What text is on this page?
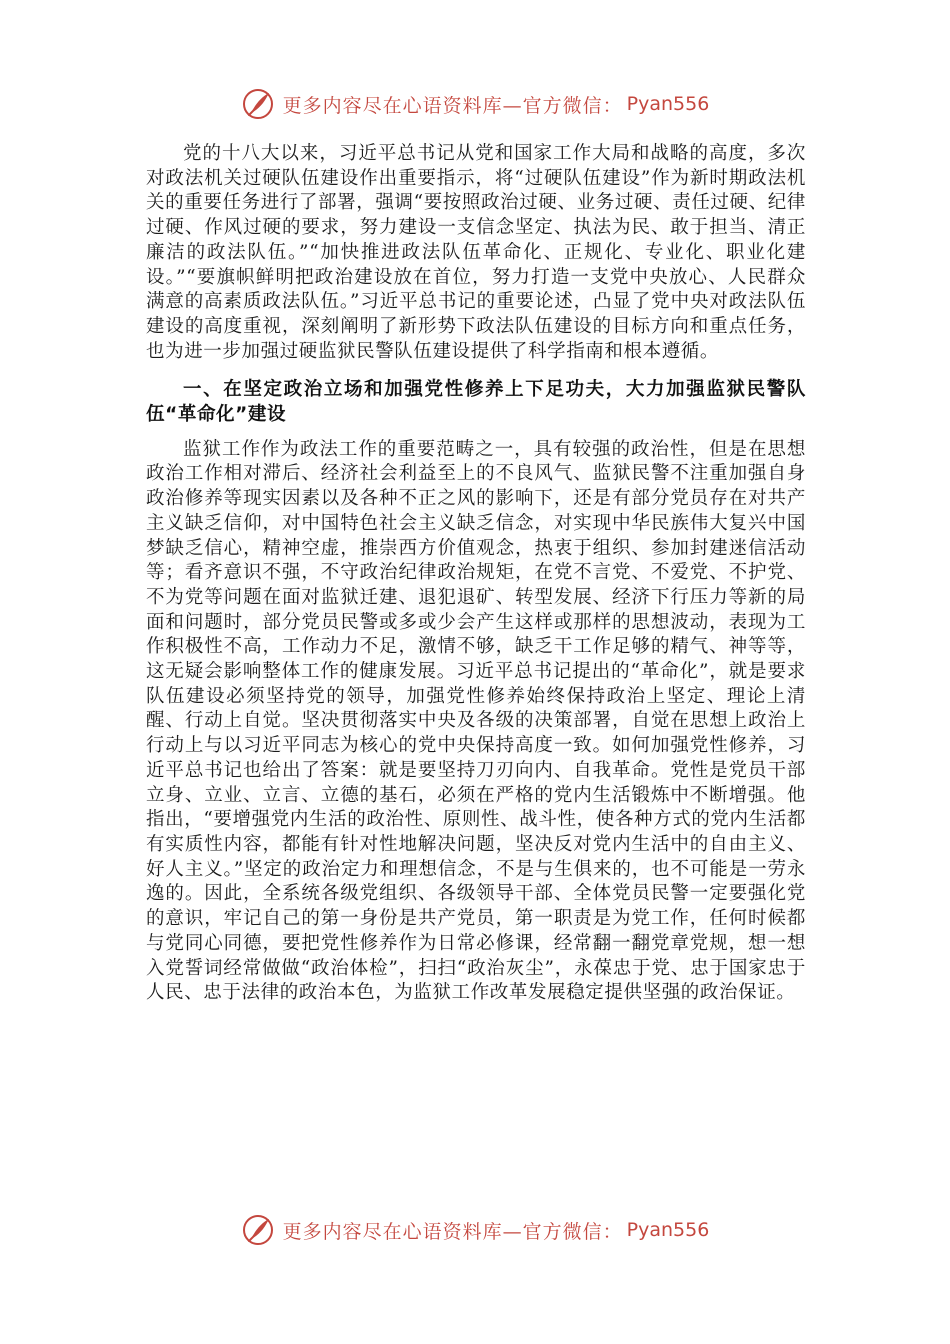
更多内容尽在心语资料库—官方微信： Pyan556

党的十八大以来，习近平总书记从党和国家工作大局和战略的高度，多次对政法机关过硬队伍建设作出重要指示，将“过硬队伍建设”作为新时期政法机关的重要任务进行了部署，强调“要按照政治过硬、业务过硬、责任过硬、纪律过硬、作风过硬的要求，努力建设一支信念坚定、执法为民、敢于担当、清正廉洁的政法队伍。”“加快推进政法队伍革命化、正规化、专业化、职业化建设。”“要旗帜鲜明把政治建设放在首位，努力打造一支党中央放心、人民群众满意的高素质政法队伍。”习近平总书记的重要论述，凸显了党中央对政法队伍建设的高度重视，深刻阐明了新形势下政法队伍建设的目标方向和重点任务，也为进一步加强过硬监狱民警队伍建设提供了科学指南和根本遵循。

一、在坚定政治立场和加强党性修养上下足功夫，大力加强监狱民警队伍“革命化”建设

监狱工作作为政法工作的重要范畴之一，具有较强的政治性，但是在思想政治工作相对滞后、经济社会利益至上的不良风气、监狱民警不注重加强自身政治修养等现实因素以及各种不正之风的影响下，还是有部分党员存在对共产主义缺乏信仰，对中国特色社会主义缺乏信念，对实现中华民族伟大复兴中国梦缺乏信心，精神空虚，推崇西方价值观念，热衷于组织、参加封建迷信活动等；看齐意识不强，不守政治纪律政治规矩，在党不言党、不爱党、不护党、不为党等问题在面对监狱迁建、退犯退矿、转型发展、经济下行压力等新的局面和问题时，部分党员民警或多或少会产生这样或那样的思想波动，表现为工作积极性不高，工作动力不足，激情不够，缺乏干工作足够的精气、神等等，这无疑会影响整体工作的健康发展。习近平总书记提出的“革命化”，就是要求队伍建设必须坚持党的领导，加强党性修养始终保持政治上坚定、理论上清醒、行动上自觉。坚决贯彻落实中央及各级的决策部署，自觉在思想上政治上行动上与以习近平同志为核心的党中央保持高度一致。如何加强党性修养，习近平总书记也给出了答案：就是要坚持刀刃向内、自我革命。党性是党员干部立身、立业、立言、立德的基石，必须在严格的党内生活锻炼中不断增强。他指出，“要增强党内生活的政治性、原则性、战斗性，使各种方式的党内生活都有实质性内容，都能有针对性地解决问题，坚决反对党内生活中的自由主义、好人主义。”坚定的政治定力和理想信念，不是与生俱来的，也不可能是一劳永逸的。因此，全系统各级党组织、各级领导干部、全体党员民警一定要强化党的意识，牢记自己的第一身份是共产党员，第一职责是为党工作，任何时候都与党同心同德，要把党性修养作为日常必修课，经常翻一翻党章党规，想一想入党誓词经常做做“政治体检”，扫扫“政治灰尘”，永葆忠于党、忠于国家忠于人民、忠于法律的政治本色，为监狱工作改革发展稳定提供坚强的政治保证。

更多内容尽在心语资料库—官方微信： Pyan556
